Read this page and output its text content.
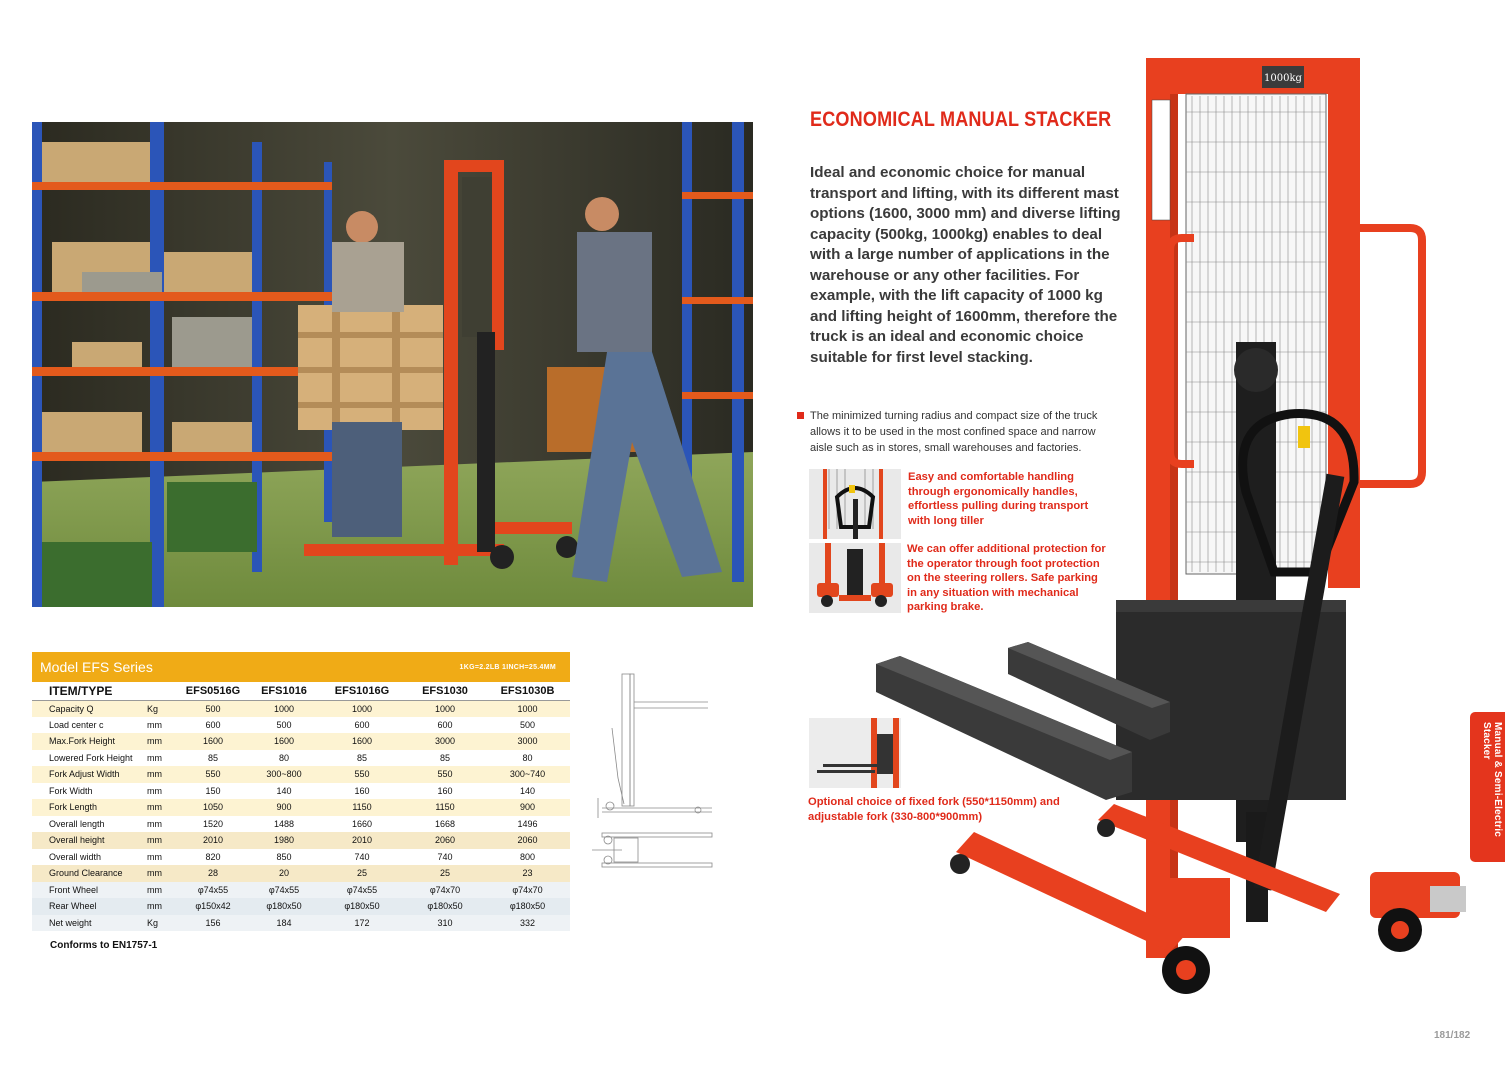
Model EFS Series	1KG=2.2LB 1INCH=25.4MM
ITEM/TYPE		EFS0516G	EFS1016	EFS1016G	EFS1030	EFS1030B
Capacity Q	Kg	500	1000	1000	1000	1000
Load center c	mm	600	500	600	600	500
Max.Fork Height	mm	1600	1600	1600	3000	3000
Lowered Fork Height	mm	85	80	85	85	80
Fork Adjust Width	mm	550	300~800	550	550	300~740
Fork Width	mm	150	140	160	160	140
Fork Length	mm	1050	900	1150	1150	900
Overall length	mm	1520	1488	1660	1668	1496
Overall height	mm	2010	1980	2010	2060	2060
Overall width	mm	820	850	740	740	800
Ground Clearance	mm	28	20	25	25	23
Front Wheel	mm	φ74x55	φ74x55	φ74x55	φ74x70	φ74x70
Rear Wheel	mm	φ150x42	φ180x50	φ180x50	φ180x50	φ180x50
Net weight	Kg	156	184	172	310	332
Conforms to EN1757-1
ECONOMICAL MANUAL STACKER
Ideal and economic choice for manual transport and lifting, with its different mast options (1600, 3000 mm) and diverse lifting capacity (500kg, 1000kg) enables to deal with a large number of applications in the warehouse or any other facilities. For example, with the lift capacity of 1000 kg and lifting height of 1600mm, therefore the truck is an ideal and economic choice suitable for first level stacking.

The minimized turning radius and compact size of the truck allows it to be used in the most confined space and narrow aisle such as in stores, small warehouses and factories.

Easy and comfortable handling through ergonomically handles, effortless pulling during transport with long tiller
We can offer additional protection for the operator through foot protection on the steering rollers. Safe parking in any situation with mechanical parking brake.
Optional choice of fixed fork (550*1150mm) and adjustable fork (330-800*900mm)
1000kg
Manual & Semi-Electric Stacker
181/182
